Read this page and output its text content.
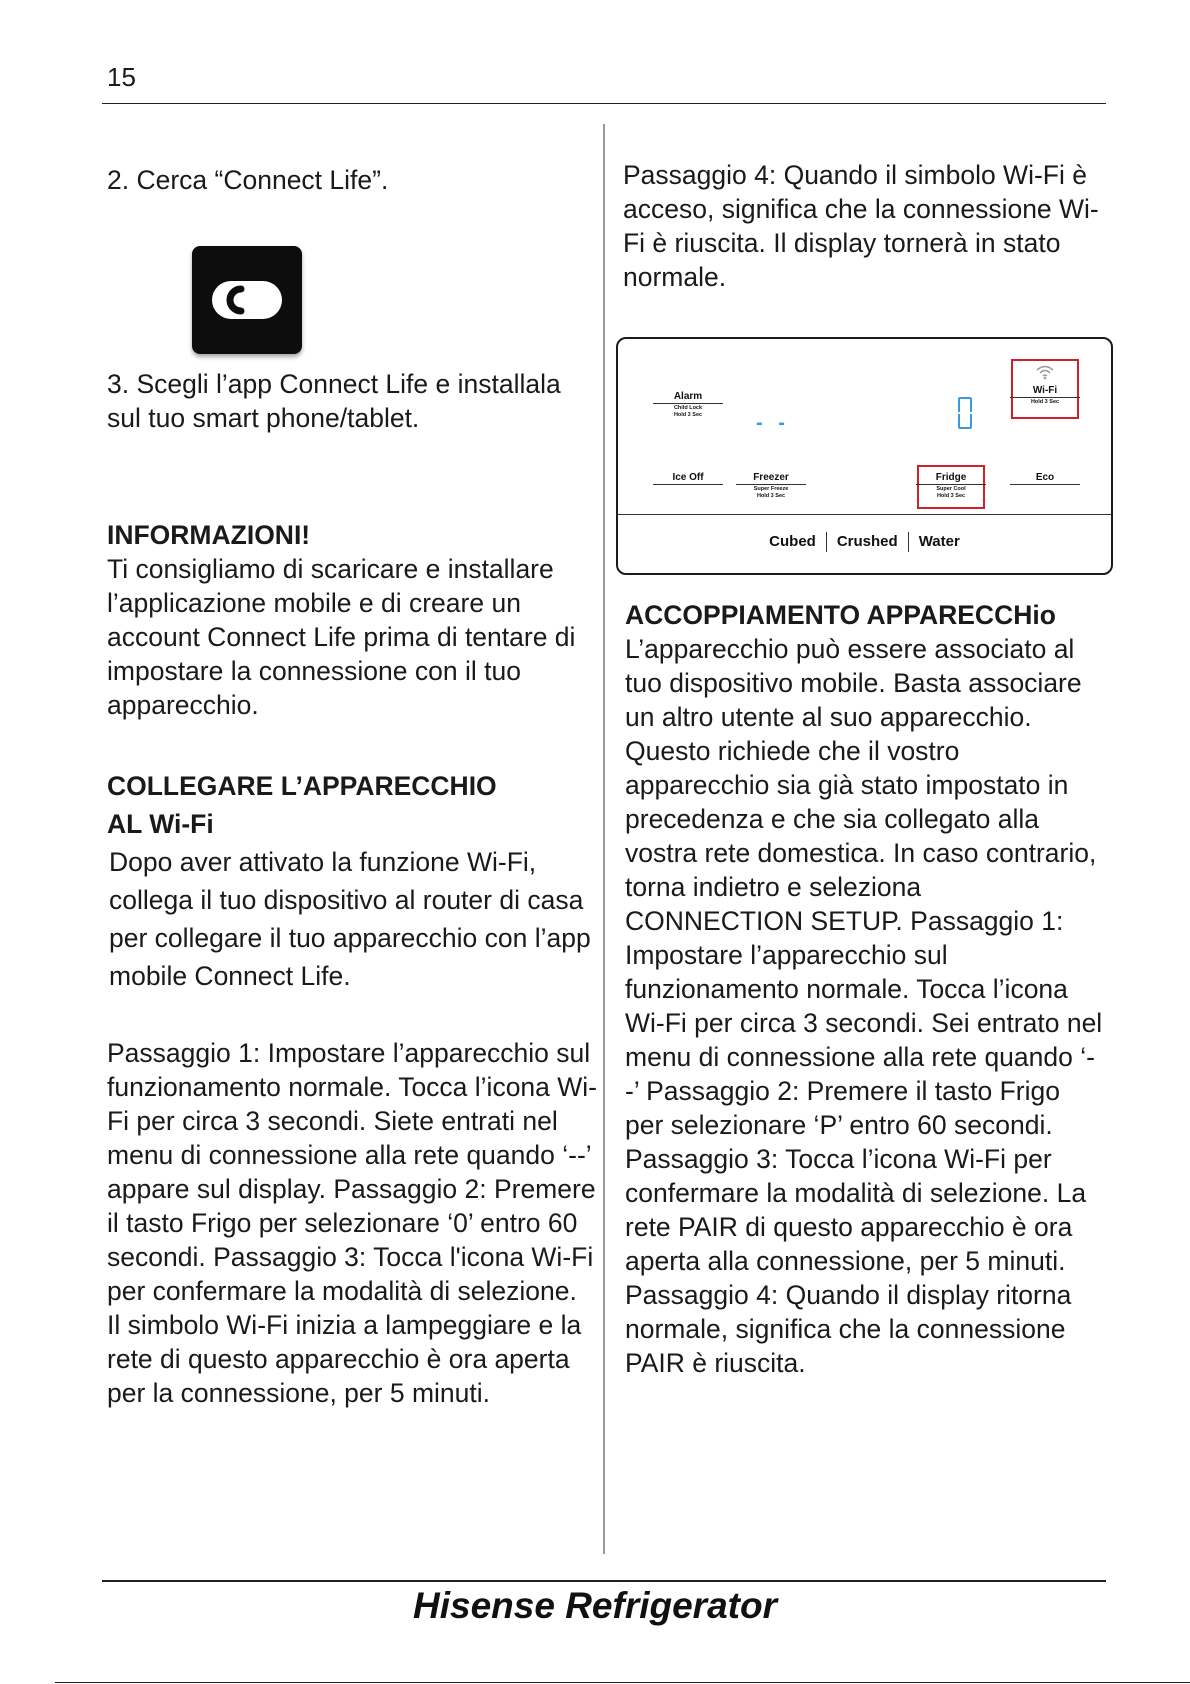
15

2. Cerca “Connect Life”.

3. Scegli l’app Connect Life e installala sul tuo smart phone/tablet.

INFORMAZIONI!

Ti consigliamo di scaricare e installare l’applicazione mobile e di creare un account Connect Life prima di tentare di impostare la connessione con il tuo apparecchio.

COLLEGARE L’APPARECCHIO

AL Wi-Fi

Dopo aver attivato la funzione Wi-Fi, collega il tuo dispositivo al router di casa per collegare il tuo apparecchio con l’app mobile Connect Life.

Passaggio 1: Impostare l’apparecchio sul funzionamento normale. Tocca l’icona Wi-Fi per circa 3 secondi. Siete entrati nel menu di connessione alla rete quando ‘--’ appare sul display. Passaggio 2: Premere il tasto Frigo per selezionare ‘0’ entro 60 secondi. Passaggio 3: Tocca l'icona Wi-Fi per confermare la modalità di selezione. Il simbolo Wi-Fi inizia a lampeggiare e la rete di questo apparecchio è ora aperta per la connessione, per 5 minuti.

Passaggio 4: Quando il simbolo Wi-Fi è acceso, significa che la connessione Wi-Fi è riuscita. Il display tornerà in stato normale.

ACCOPPIAMENTO APPARECCHio

L’apparecchio può essere associato al tuo dispositivo mobile. Basta associare un altro utente al suo apparecchio. Questo richiede che il vostro apparecchio sia già stato impostato in precedenza e che sia collegato alla vostra rete domestica. In caso contrario, torna indietro e seleziona CONNECTION SETUP. Passaggio 1: Impostare l’apparecchio sul funzionamento normale. Tocca l’icona Wi-Fi per circa 3 secondi. Sei entrato nel menu di connessione alla rete quando ‘--’ Passaggio 2: Premere il tasto Frigo per selezionare ‘P’ entro 60 secondi. Passaggio 3: Tocca l’icona Wi-Fi per confermare la modalità di selezione. La rete PAIR di questo apparecchio è ora aperta alla connessione, per 5 minuti. Passaggio 4: Quando il display ritorna normale, significa che la connessione PAIR è riuscita.

Alarm
Child Lock
Hold 3 Sec	- -
Wi-Fi
Hold 3 Sec
Ice Off	Freezer
Super Freeze
Hold 3 Sec
Fridge
Super Cool
Hold 3 Sec
Eco
Cubed Crushed Water
Hisense Refrigerator
